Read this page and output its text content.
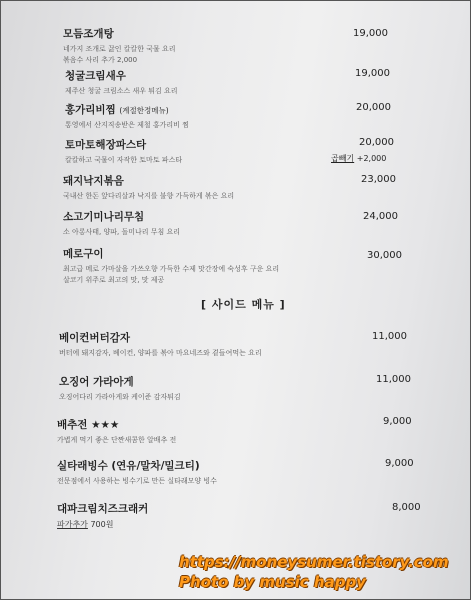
모듬조개탕
네가지 조개로 끓인 칼칼한 국물 요리
볶음수 사리 추가 2,000
19,000
청굴크림새우
제주산 청굴 크림소스 새우 튀김 요리
19,000
홍가리비찜 (계절한정메뉴)
통영에서 산지직송받은 제철 홍가리비 찜
20,000
토마토해장파스타
칼칼하고 국물이 자작한 토마토 파스타
20,000
곱빼기 +2,000
돼지낙지볶음
국내산 한돈 앞다리살과 낙지를 불향 가득하게 볶은 요리
23,000
소고기미나리무침
소 아롱사태, 양파, 돌미나리 무침 요리
24,000
메로구이
최고급 메로 가마살을 가쓰오향 가득한 수제 맛간장에 숙성후 구운 요리
살코기 위주로 최고의 맛, 맛 제공
30,000
[ 사이드 메뉴 ]
베이컨버터감자
버터에 돼지감자, 베이컨, 양파를 볶아 마요네즈와 곁들여먹는 요리
11,000
오징어 가라아게
오징어다리 가라아게와 케이준 감자튀김
11,000
배추전 ★★★
가볍게 먹기 좋은 단짠새콤한 알배추 전
9,000
실타래빙수 (연유/말차/밀크티)
전문점에서 사용하는 빙수기로 만든 실타래모양 빙수
9,000
대파크림치즈크래커
파가추가 700원
8,000
https://moneysumer.tistory.com
Photo by music happy
